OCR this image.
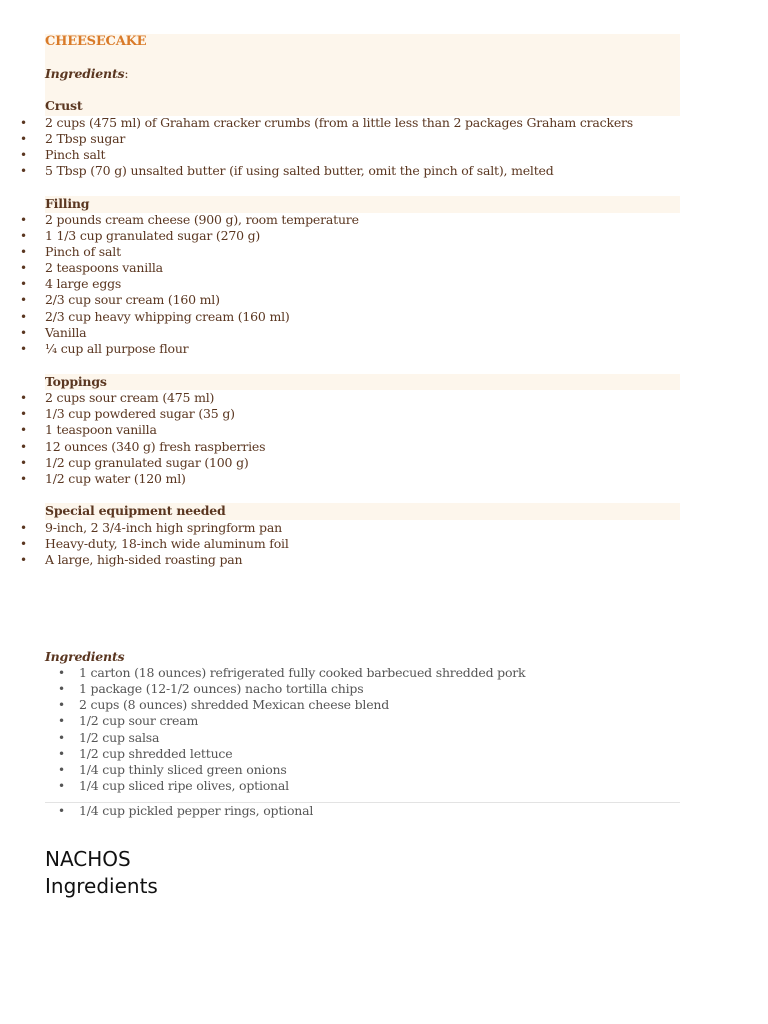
CHEESECAKE
Ingredients:
Crust
• 2 cups (475 ml) of Graham cracker crumbs (from a little less than 2 packages Graham crackers
• 2 Tbsp sugar
• Pinch salt
• 5 Tbsp (70 g) unsalted butter (if using salted butter, omit the pinch of salt), melted
Filling
• 2 pounds cream cheese (900 g), room temperature
• 1 1/3 cup granulated sugar (270 g)
• Pinch of salt
• 2 teaspoons vanilla
• 4 large eggs
• 2/3 cup sour cream (160 ml)
• 2/3 cup heavy whipping cream (160 ml)
• Vanilla
• ¼ cup all purpose flour
Toppings
• 2 cups sour cream (475 ml)
• 1/3 cup powdered sugar (35 g)
• 1 teaspoon vanilla
• 12 ounces (340 g) fresh raspberries
• 1/2 cup granulated sugar (100 g)
• 1/2 cup water (120 ml)
Special equipment needed
• 9-inch, 2 3/4-inch high springform pan
• Heavy-duty, 18-inch wide aluminum foil
• A large, high-sided roasting pan
Ingredients
• 1 carton (18 ounces) refrigerated fully cooked barbecued shredded pork
• 1 package (12-1/2 ounces) nacho tortilla chips
• 2 cups (8 ounces) shredded Mexican cheese blend
• 1/2 cup sour cream
• 1/2 cup salsa
• 1/2 cup shredded lettuce
• 1/4 cup thinly sliced green onions
• 1/4 cup sliced ripe olives, optional
• 1/4 cup pickled pepper rings, optional
NACHOS
Ingredients
